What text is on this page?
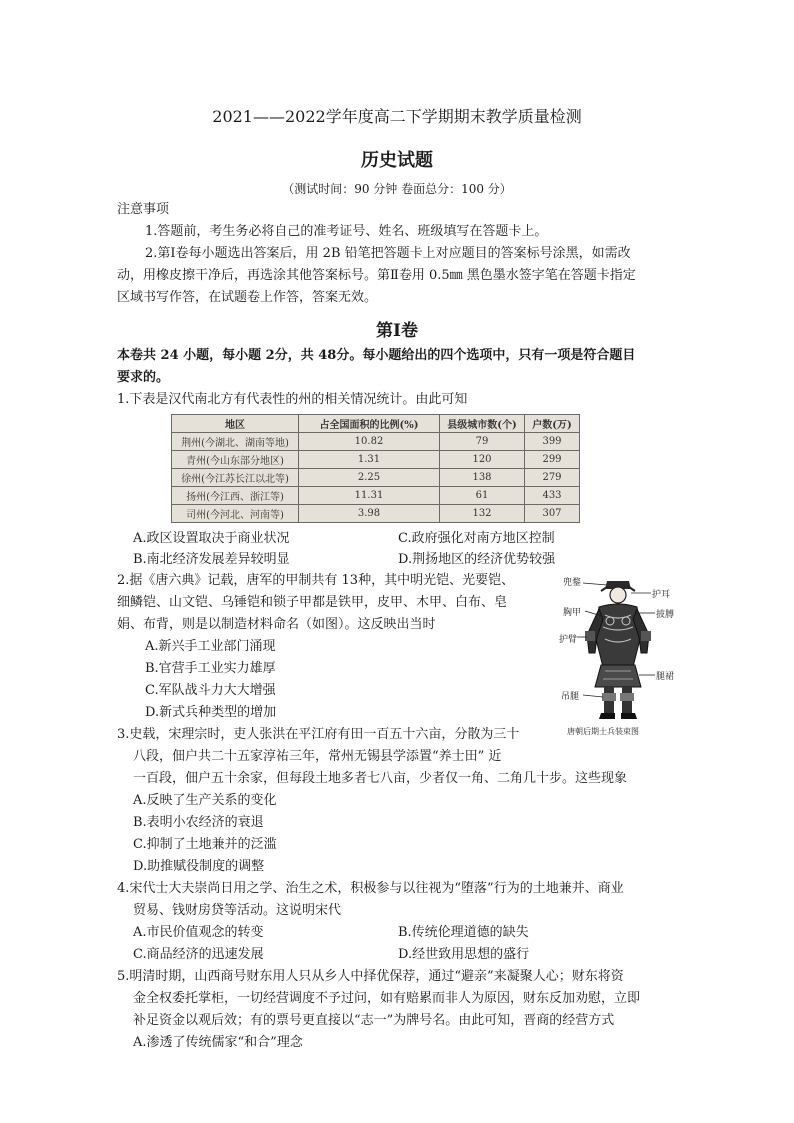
2021——2022学年度高二下学期期末教学质量检测
历史试题
（测试时间：90 分钟 卷面总分：100 分）
注意事项
1.答题前，考生务必将自己的准考证号、姓名、班级填写在答题卡上。
2.第Ⅰ卷每小题选出答案后，用 2B 铅笔把答题卡上对应题目的答案标号涂黑，如需改
动，用橡皮擦干净后，再选涂其他答案标号。第Ⅱ卷用 0.5㎜ 黑色墨水签字笔在答题卡指定
区域书写作答，在试题卷上作答，答案无效。
第Ⅰ卷
本卷共 24 小题，每小题 2分，共 48分。每小题给出的四个选项中，只有一项是符合题目
要求的。
1.下表是汉代南北方有代表性的州的相关情况统计。由此可知
地区	占全国面积的比例(%)	县级城市数(个)	户数(万)
荆州(今湖北、湖南等地)	10.82	79	399
青州(今山东部分地区)	1.31	120	299
徐州(今江苏长江以北等)	2.25	138	279
扬州(今江西、浙江等)	11.31	61	433
司州(今河北、河南等)	3.98	132	307
A.政区设置取决于商业状况	C.政府强化对南方地区控制
B.南北经济发展差异较明显	D.荆扬地区的经济优势较强
2.据《唐六典》记载，唐军的甲制共有 13种，其中明光铠、光要铠、
细鳞铠、山文铠、乌锤铠和锁子甲都是铁甲，皮甲、木甲、白布、皂
娟、布背，则是以制造材料命名（如图）。这反映出当时
A.新兴手工业部门涌现
B.官营手工业实力雄厚
C.军队战斗力大大增强
D.新式兵种类型的增加
兜鍪
护耳
胸甲	披膊
护臂
腿裙
吊腿
唐朝后期士兵装束图
3.史载，宋理宗时，吏人张洪在平江府有田一百五十六亩，分散为三十
八段，佃户共二十五家淳祐三年，常州无锡县学添置“养士田” 近
一百段，佃户五十余家，但每段土地多者七八亩，少者仅一角、二角几十步。这些现象
A.反映了生产关系的变化
B.表明小农经济的衰退
C.抑制了土地兼并的泛滥
D.助推赋役制度的调整
4.宋代士大夫崇尚日用之学、治生之术，积极参与以往视为“堕落”行为的土地兼并、商业
贸易、钱财房贷等活动。这说明宋代
A.市民价值观念的转变	B.传统伦理道德的缺失
C.商品经济的迅速发展	D.经世致用思想的盛行
5.明清时期，山西商号财东用人只从乡人中择优保荐，通过“避亲”来凝聚人心；财东将资
金全权委托掌柜，一切经营调度不予过问，如有赔累而非人为原因，财东反加劝慰，立即
补足资金以观后效；有的票号更直接以“志一”为牌号名。由此可知，晋商的经营方式
A.渗透了传统儒家“和合”理念
